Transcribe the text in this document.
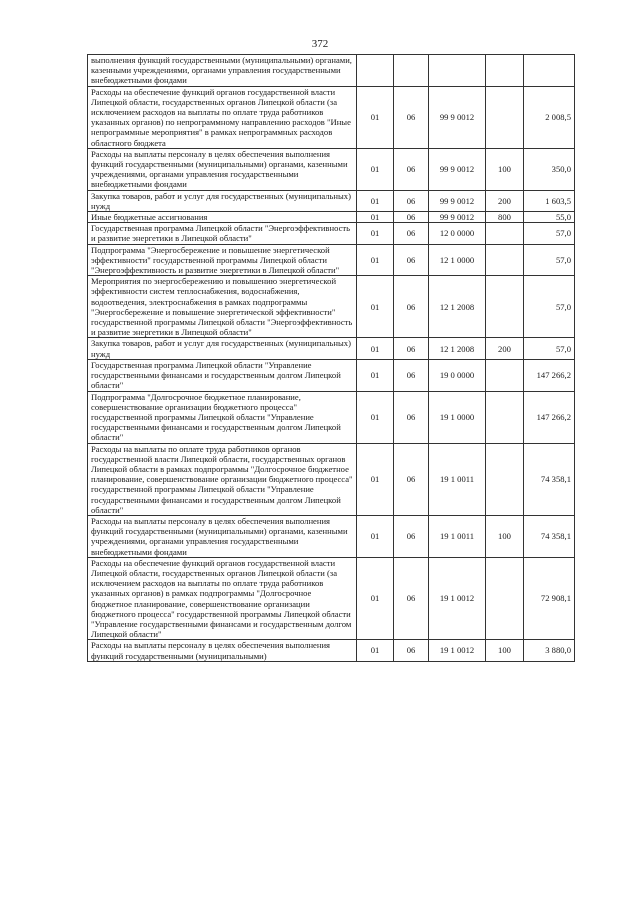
372
выполнения функций государственными (муниципальными) органами, казенными учреждениями, органами управления государственными внебюджетными фондами					
Расходы на обеспечение функций органов государственной власти Липецкой области, государственных органов Липецкой области (за исключением расходов на выплаты по оплате труда работников указанных органов) по непрограммному направлению расходов "Иные непрограммные мероприятия" в рамках непрограммных расходов областного бюджета	01	06	99 9 0012		2 008,5
Расходы на выплаты персоналу в целях обеспечения выполнения функций государственными (муниципальными) органами, казенными учреждениями, органами управления государственными внебюджетными фондами	01	06	99 9 0012	100	350,0
Закупка товаров, работ и услуг для государственных (муниципальных) нужд	01	06	99 9 0012	200	1 603,5
Иные бюджетные ассигнования	01	06	99 9 0012	800	55,0
Государственная программа Липецкой области "Энергоэффективность и развитие энергетики в Липецкой области"	01	06	12 0 0000		57,0
Подпрограмма "Энергосбережение и повышение энергетической эффективности" государственной программы Липецкой области "Энергоэффективность и развитие энергетики в Липецкой области"	01	06	12 1 0000		57,0
Мероприятия по энергосбережению и повышению энергетической эффективности систем теплоснабжения, водоснабжения, водоотведения, электроснабжения в рамках подпрограммы "Энергосбережение и повышение энергетической эффективности" государственной программы Липецкой области "Энергоэффективность и развитие энергетики в Липецкой области"	01	06	12 1 2008		57,0
Закупка товаров, работ и услуг для государственных (муниципальных) нужд	01	06	12 1 2008	200	57,0
Государственная программа Липецкой области "Управление государственными финансами и государственным долгом Липецкой области"	01	06	19 0 0000		147 266,2
Подпрограмма "Долгосрочное бюджетное планирование, совершенствование организации бюджетного процесса" государственной программы Липецкой области "Управление государственными финансами и государственным долгом Липецкой области"	01	06	19 1 0000		147 266,2
Расходы на выплаты по оплате труда работников органов государственной власти Липецкой области, государственных органов Липецкой области в рамках подпрограммы "Долгосрочное бюджетное планирование, совершенствование организации бюджетного процесса" государственной программы Липецкой области "Управление государственными финансами и государственным долгом Липецкой области"	01	06	19 1 0011		74 358,1
Расходы на выплаты персоналу в целях обеспечения выполнения функций государственными (муниципальными) органами, казенными учреждениями, органами управления государственными внебюджетными фондами	01	06	19 1 0011	100	74 358,1
Расходы на обеспечение функций органов государственной власти Липецкой области, государственных органов Липецкой области (за исключением расходов на выплаты по оплате труда работников указанных органов) в рамках подпрограммы "Долгосрочное бюджетное планирование, совершенствование организации бюджетного процесса" государственной программы Липецкой области "Управление государственными финансами и государственным долгом Липецкой области"	01	06	19 1 0012		72 908,1
Расходы на выплаты персоналу в целях обеспечения выполнения функций государственными (муниципальными)	01	06	19 1 0012	100	3 880,0
